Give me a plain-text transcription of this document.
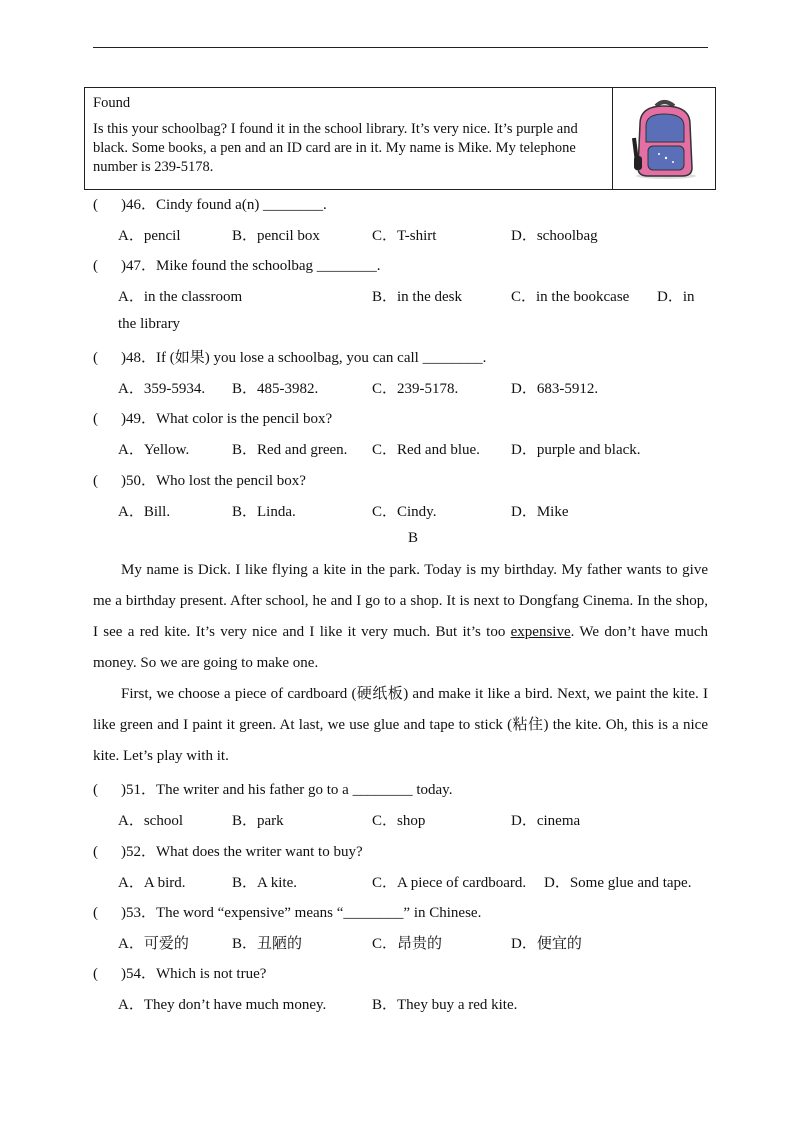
Found
Is this your schoolbag? I found it in the school library. It’s very nice. It’s purple and black. Some books, a pen and an ID card are in it. My name is Mike. My telephone number is 239-5178.
( )46．Cindy found a(n) ________.
A．pencil	B．pencil box	C．T-shirt	D．schoolbag
( )47．Mike found the schoolbag ________.
A．in the classroom	B．in the desk	C．in the bookcase D．in
the library
( )48．If (如果) you lose a schoolbag, you can call ________.
A．359-5934. B．485-3982.	C．239-5178.	D．683-5912.
( )49．What color is the pencil box?
A．Yellow.	B．Red and green. C．Red and blue. D．purple and black.
( )50．Who lost the pencil box?
A．Bill.	B．Linda.	C．Cindy.	D．Mike
B
My name is Dick. I like flying a kite in the park. Today is my birthday. My father wants to give me a birthday present. After school, he and I go to a shop. It is next to Dongfang Cinema. In the shop, I see a red kite. It’s very nice and I like it very much. But it’s too expensive. We don’t have much money. So we are going to make one.
First, we choose a piece of cardboard (硬纸板) and make it like a bird. Next, we paint the kite. I like green and I paint it green. At last, we use glue and tape to stick (粘住) the kite. Oh, this is a nice kite. Let’s play with it.
( )51．The writer and his father go to a ________ today.
A．school	B．park	C．shop	D．cinema
( )52．What does the writer want to buy?
A．A bird.	B．A kite.	C．A piece of cardboard. D．Some glue and tape.
( )53．The word “expensive” means “________” in Chinese.
A．可爱的	B．丑陋的	C．昂贵的	D．便宜的
( )54．Which is not true?
A．They don’t have much money.	B．They buy a red kite.
